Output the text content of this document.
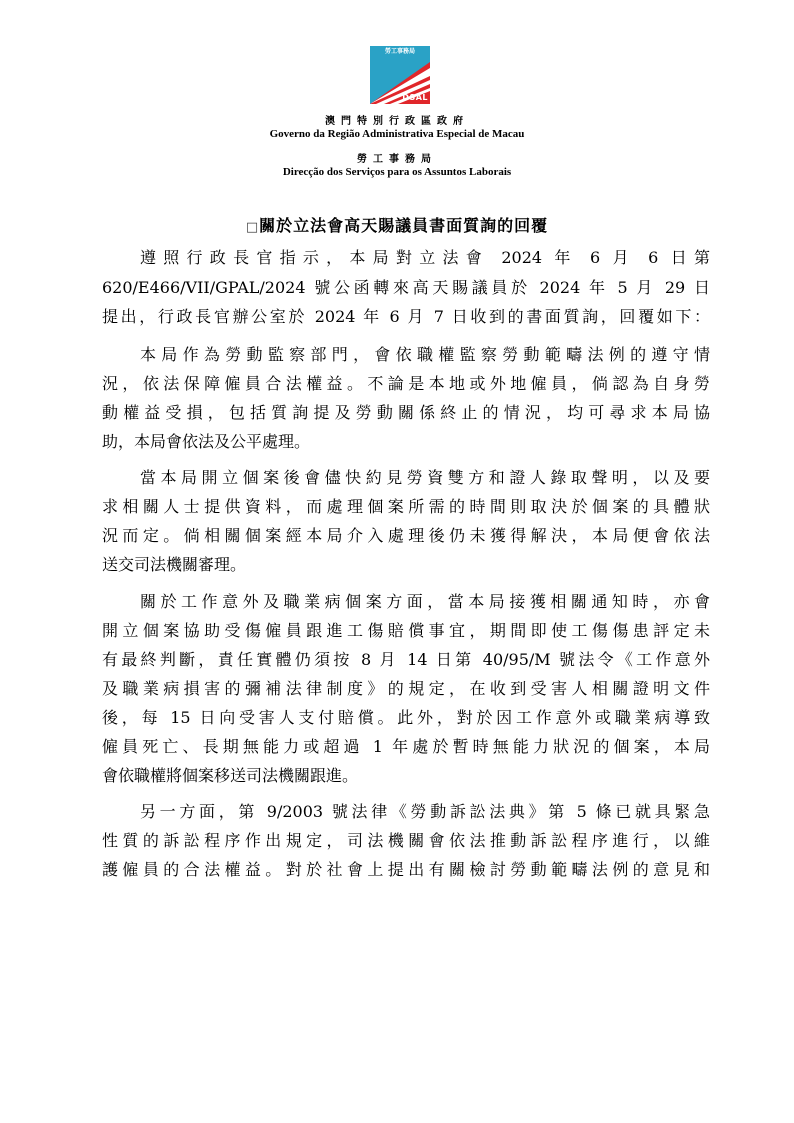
勞工事務局
DSAL
澳門特別行政區政府
Governo da Região Administrativa Especial de Macau
勞工事務局
Direcção dos Serviços para os Assuntos Laborais
□關於立法會高天賜議員書面質詢的回覆
遵照行政長官指示，本局對立法會 2024 年 6 月 6 日第
620/E466/VII/GPAL/2024 號公函轉來高天賜議員於 2024 年 5 月 29 日
提出，行政長官辦公室於 2024 年 6 月 7 日收到的書面質詢，回覆如下：
本局作為勞動監察部門，會依職權監察勞動範疇法例的遵守情
況，依法保障僱員合法權益。不論是本地或外地僱員，倘認為自身勞
動權益受損，包括質詢提及勞動關係終止的情況，均可尋求本局協
助，本局會依法及公平處理。
當本局開立個案後會儘快約見勞資雙方和證人錄取聲明，以及要
求相關人士提供資料，而處理個案所需的時間則取決於個案的具體狀
況而定。倘相關個案經本局介入處理後仍未獲得解決，本局便會依法
送交司法機關審理。
關於工作意外及職業病個案方面，當本局接獲相關通知時，亦會
開立個案協助受傷僱員跟進工傷賠償事宜，期間即使工傷傷患評定未
有最終判斷，責任實體仍須按 8 月 14 日第 40/95/M 號法令《工作意外
及職業病損害的彌補法律制度》的規定，在收到受害人相關證明文件
後，每 15 日向受害人支付賠償。此外，對於因工作意外或職業病導致
僱員死亡、長期無能力或超過 1 年處於暫時無能力狀況的個案，本局
會依職權將個案移送司法機關跟進。
另一方面，第 9/2003 號法律《勞動訴訟法典》第 5 條已就具緊急
性質的訴訟程序作出規定，司法機關會依法推動訴訟程序進行，以維
護僱員的合法權益。對於社會上提出有關檢討勞動範疇法例的意見和
